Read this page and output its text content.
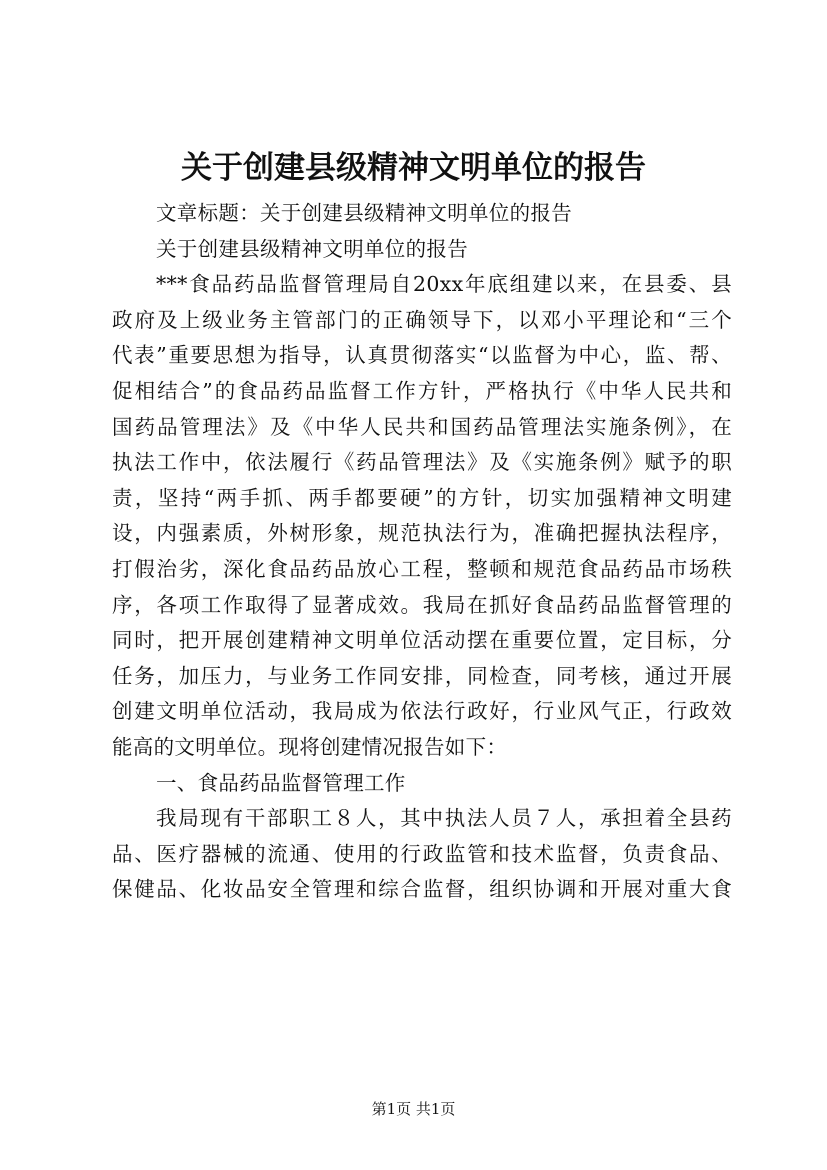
关于创建县级精神文明单位的报告
文章标题：关于创建县级精神文明单位的报告
关于创建县级精神文明单位的报告
***食品药品监督管理局自20xx年底组建以来，在县委、县
政府及上级业务主管部门的正确领导下，以邓小平理论和“三个
代表”重要思想为指导，认真贯彻落实“以监督为中心，监、帮、
促相结合”的食品药品监督工作方针，严格执行《中华人民共和
国药品管理法》及《中华人民共和国药品管理法实施条例》，在
执法工作中，依法履行《药品管理法》及《实施条例》赋予的职
责，坚持“两手抓、两手都要硬”的方针，切实加强精神文明建
设，内强素质，外树形象，规范执法行为，准确把握执法程序，
打假治劣，深化食品药品放心工程，整顿和规范食品药品市场秩
序，各项工作取得了显著成效。我局在抓好食品药品监督管理的
同时，把开展创建精神文明单位活动摆在重要位置，定目标，分
任务，加压力，与业务工作同安排，同检查，同考核，通过开展
创建文明单位活动，我局成为依法行政好，行业风气正，行政效
能高的文明单位。现将创建情况报告如下：
一、食品药品监督管理工作
我局现有干部职工８人，其中执法人员７人，承担着全县药
品、医疗器械的流通、使用的行政监管和技术监督，负责食品、
保健品、化妆品安全管理和综合监督，组织协调和开展对重大食
第1页 共1页
